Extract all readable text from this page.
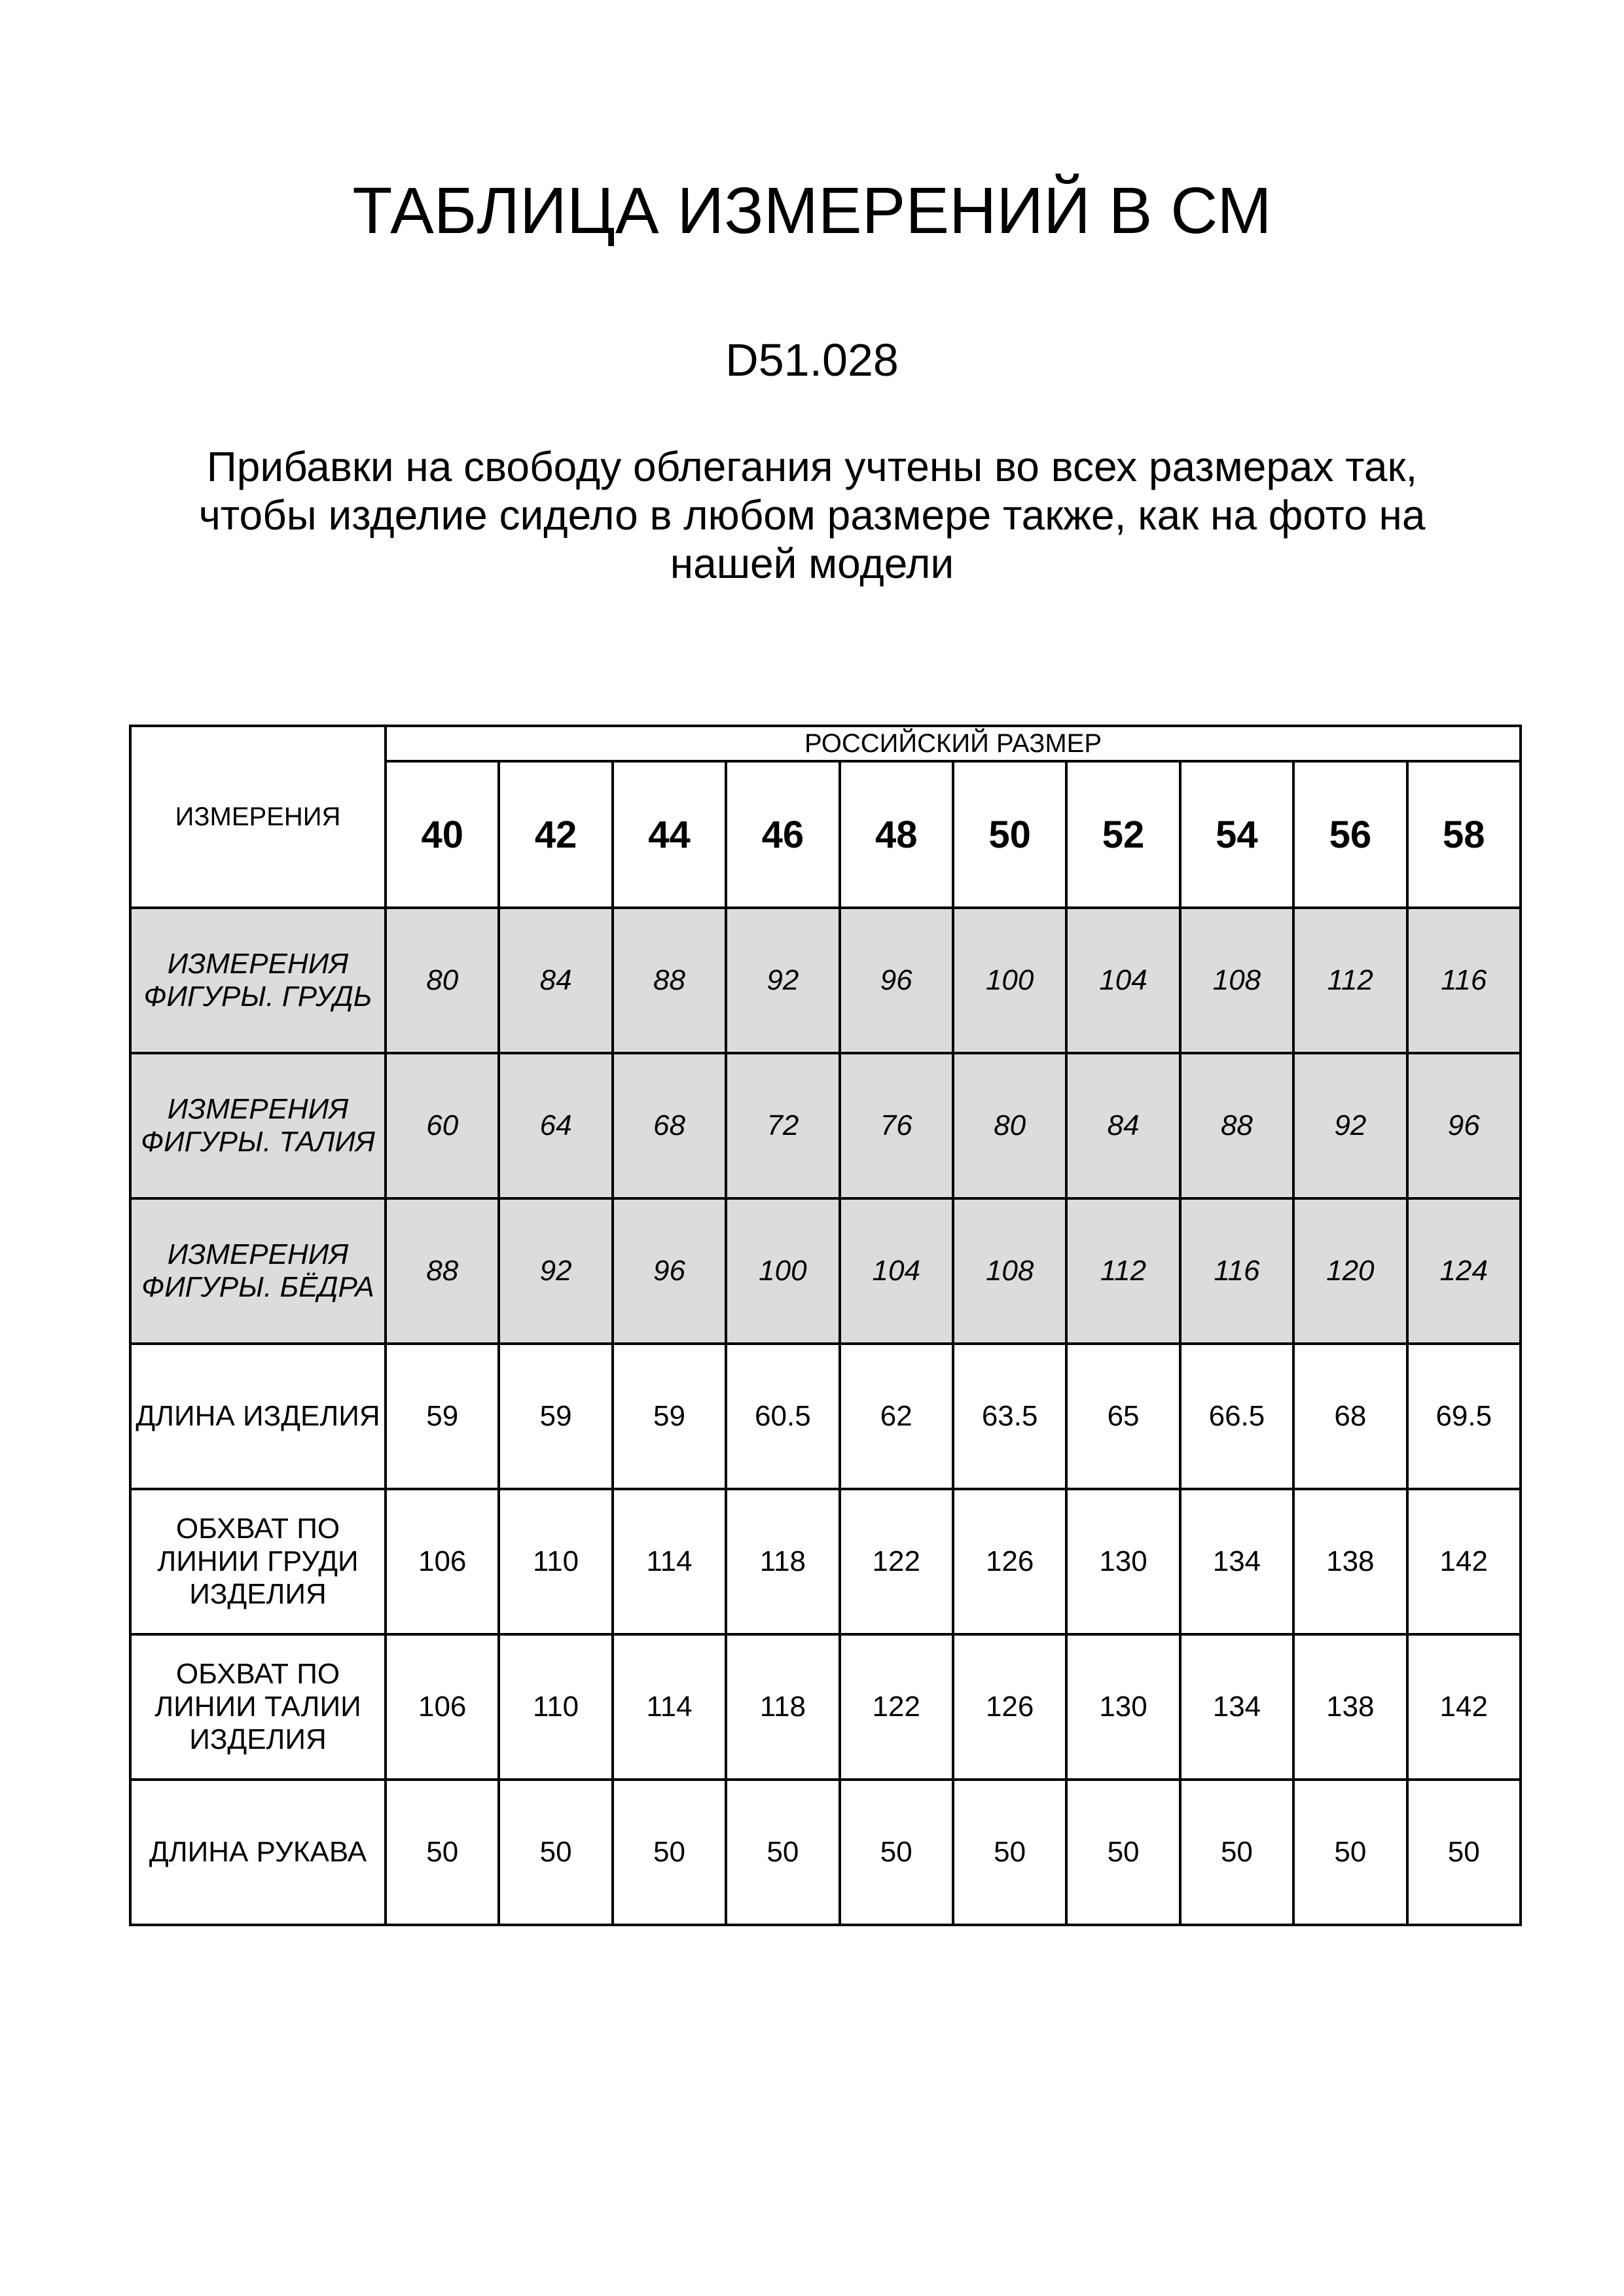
ТАБЛИЦА ИЗМЕРЕНИЙ В СМ
D51.028

Прибавки на свободу облегания учтены во всех размерах так,
чтобы изделие сидело в любом размере также, как на фото на
нашей модели

ИЗМЕРЕНИЯ	РОССИЙСКИЙ РАЗМЕР									
	40	42	44	46	48	50	52	54	56	58
ИЗМЕРЕНИЯ
ФИГУРЫ. ГРУДЬ	80	84	88	92	96	100	104	108	112	116
ИЗМЕРЕНИЯ
ФИГУРЫ. ТАЛИЯ	60	64	68	72	76	80	84	88	92	96
ИЗМЕРЕНИЯ
ФИГУРЫ. БЁДРА	88	92	96	100	104	108	112	116	120	124
ДЛИНА ИЗДЕЛИЯ	59	59	59	60.5	62	63.5	65	66.5	68	69.5
ОБХВАТ ПО
ЛИНИИ ГРУДИ
ИЗДЕЛИЯ	106	110	114	118	122	126	130	134	138	142
ОБХВАТ ПО
ЛИНИИ ТАЛИИ
ИЗДЕЛИЯ	106	110	114	118	122	126	130	134	138	142
ДЛИНА РУКАВА	50	50	50	50	50	50	50	50	50	50
